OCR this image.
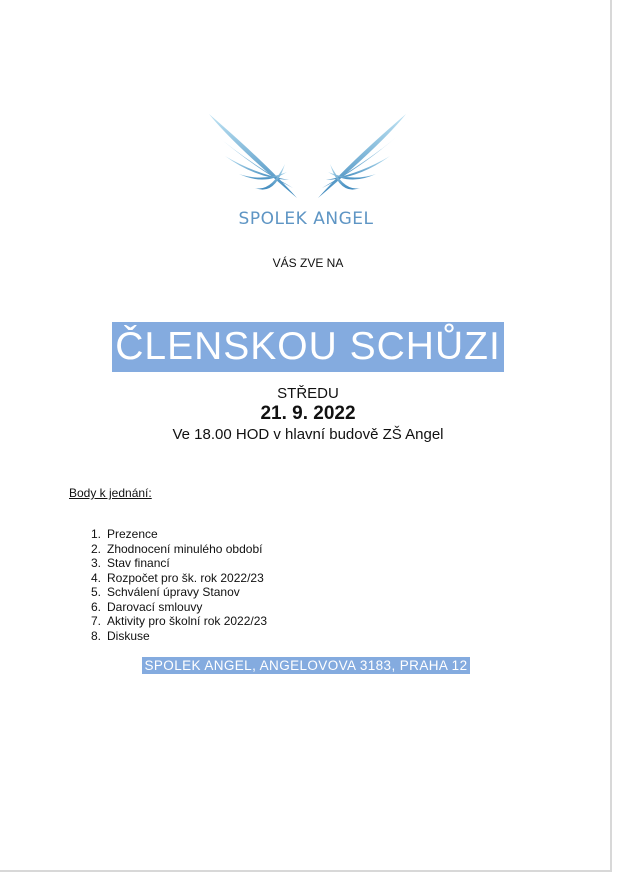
SPOLEK ANGEL
VÁS ZVE NA
ČLENSKOU SCHŮZI
STŘEDU
21. 9. 2022
Ve 18.00 HOD v hlavní budově ZŠ Angel
Body k jednání:
1. Prezence
2. Zhodnocení minulého období
3. Stav financí
4. Rozpočet pro šk. rok 2022/23
5. Schválení úpravy Stanov
6. Darovací smlouvy
7. Aktivity pro školní rok 2022/23
8. Diskuse
SPOLEK ANGEL, ANGELOVOVA 3183, PRAHA 12
